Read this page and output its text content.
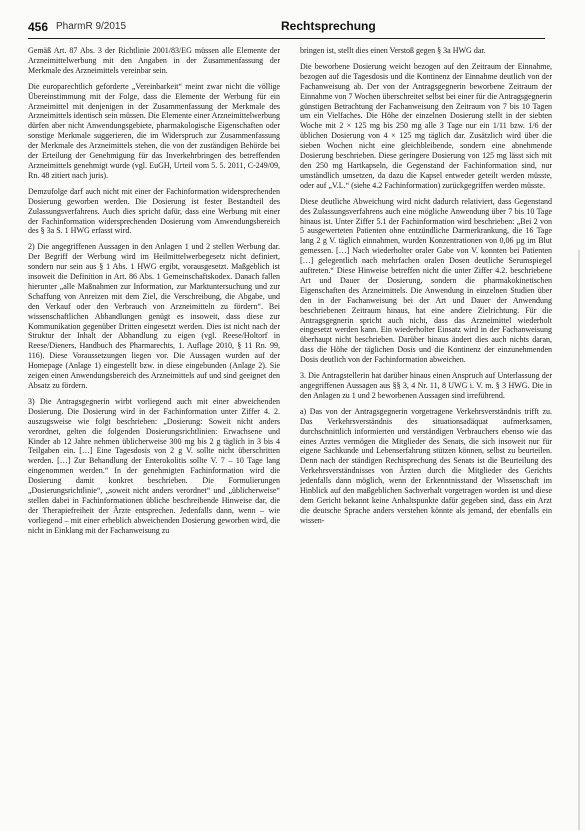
456 PharmR 9/2015	Rechtsprechung

Gemäß Art. 87 Abs. 3 der Richtlinie 2001/83/EG müssen alle Elemente der Arzneimittelwerbung mit den Angaben in der Zusammenfassung der Merkmale des Arzneimittels vereinbar sein.

Die europarechtlich geforderte „Vereinbarkeit“ meint zwar nicht die völlige Übereinstimmung mit der Folge, dass die Elemente der Werbung für ein Arzneimittel mit denjenigen in der Zusammenfassung der Merkmale des Arzneimittels identisch sein müssen. Die Elemente einer Arzneimittelwerbung dürfen aber nicht Anwendungsgebiete, pharmakologische Eigenschaften oder sonstige Merkmale suggerieren, die im Widerspruch zur Zusammenfassung der Merkmale des Arzneimittels stehen, die von der zuständigen Behörde bei der Erteilung der Genehmigung für das Inverkehrbringen des betreffenden Arzneimittels genehmigt wurde (vgl. EuGH, Urteil vom 5. 5. 2011, C-249/09, Rn. 48 zitiert nach juris).

Demzufolge darf auch nicht mit einer der Fachinformation widersprechenden Dosierung geworben werden. Die Dosierung ist fester Bestandteil des Zulassungsverfahrens. Auch dies spricht dafür, dass eine Werbung mit einer der Fachinformation widersprechenden Dosierung vom Anwendungsbereich des § 3a S. 1 HWG erfasst wird.

2) Die angegriffenen Aussagen in den Anlagen 1 und 2 stellen Werbung dar. Der Begriff der Werbung wird im Heilmittelwerbegesetz nicht definiert, sondern nur sein aus § 1 Abs. 1 HWG ergibt, vorausgesetzt. Maßgeblich ist insoweit die Definition in Art. 86 Abs. 1 Gemeinschaftskodex. Danach fallen hierunter „alle Maßnahmen zur Information, zur Marktuntersuchung und zur Schaffung von Anreizen mit dem Ziel, die Verschreibung, die Abgabe, und den Verkauf oder den Verbrauch von Arzneimitteln zu fördern“. Bei wissenschaftlichen Abhandlungen genügt es insoweit, dass diese zur Kommunikation gegenüber Dritten eingesetzt werden. Dies ist nicht nach der Struktur der Inhalt der Abhandlung zu eigen (vgl. Reese/Holtorf in Reese/Dieners, Handbuch des Pharmarechts, 1. Auflage 2010, § 11 Rn. 99, 116). Diese Voraussetzungen liegen vor. Die Aussagen wurden auf der Homepage (Anlage 1) eingestellt bzw. in diese eingebunden (Anlage 2). Sie zeigen einen Anwendungsbereich des Arzneimittels auf und sind geeignet den Absatz zu fördern.

3) Die Antragsgegnerin wirbt vorliegend auch mit einer abweichenden Dosierung. Die Dosierung wird in der Fachinformation unter Ziffer 4. 2. auszugsweise wie folgt beschrieben: „Dosierung: Soweit nicht anders verordnet, gelten die folgenden Dosierungsrichtlinien: Erwachsene und Kinder ab 12 Jahre nehmen üblicherweise 300 mg bis 2 g täglich in 3 bis 4 Teilgaben ein. […] Eine Tagesdosis von 2 g V. sollte nicht überschritten werden. […] Zur Behandlung der Enterokolitis sollte V. 7 – 10 Tage lang eingenommen werden.“ In der genehmigten Fachinformation wird die Dosierung damit konkret beschrieben. Die Formulierungen „Dosierungsrichtlinie“, „soweit nicht anders verordnet“ und „üblicherweise“ stellen dabei in Fachinformationen übliche beschreibende Hinweise dar, die der Therapiefreiheit der Ärzte entsprechen. Jedenfalls dann, wenn – wie vorliegend – mit einer erheblich abweichenden Dosierung geworben wird, die nicht in Einklang mit der Fachanweisung zu

bringen ist, stellt dies einen Verstoß gegen § 3a HWG dar.

Die beworbene Dosierung weicht bezogen auf den Zeitraum der Einnahme, bezogen auf die Tagesdosis und die Kontinenz der Einnahme deutlich von der Fachanweisung ab. Der von der Antragsgegnerin beworbene Zeitraum der Einnahme von 7 Wochen überschreitet selbst bei einer für die Antragsgegnerin günstigen Betrachtung der Fachanweisung den Zeitraum von 7 bis 10 Tagen um ein Vielfaches. Die Höhe der einzelnen Dosierung stellt in der siebten Woche mit 2 × 125 mg bis 250 mg alle 3 Tage nur ein 1/11 bzw. 1/6 der üblichen Dosierung von 4 × 125 mg täglich dar. Zusätzlich wird über die sieben Wochen nicht eine gleichbleibende, sondern eine abnehmende Dosierung beschrieben. Diese geringere Dosierung von 125 mg lässt sich mit den 250 mg Hartkapseln, die Gegenstand der Fachinformation sind, nur umständlich umsetzen, da dazu die Kapsel entweder geteilt werden müsste, oder auf „V.L.“ (siehe 4.2 Fachinformation) zurückgegriffen werden müsste.

Diese deutliche Abweichung wird nicht dadurch relativiert, dass Gegenstand des Zulassungsverfahrens auch eine mögliche Anwendung über 7 bis 10 Tage hinaus ist. Unter Ziffer 5.1 der Fachinformation wird beschrieben: „Bei 2 von 5 ausgewerteten Patienten ohne entzündliche Darmerkrankung, die 16 Tage lang 2 g V. täglich einnahmen, wurden Konzentrationen von 0,06 µg im Blut gemessen. […] Nach wiederholter oraler Gabe von V. konnten bei Patienten […] gelegentlich nach mehrfachen oralen Dosen deutliche Serumspiegel auftreten.“ Diese Hinweise betreffen nicht die unter Ziffer 4.2. beschriebene Art und Dauer der Dosierung, sondern die pharmakokinetischen Eigenschaften des Arzneimittels. Die Anwendung in einzelnen Studien über den in der Fachanweisung bei der Art und Dauer der Anwendung beschriebenen Zeitraum hinaus, hat eine andere Zielrichtung. Für die Antragsgegnerin spricht auch nicht, dass das Arzneimittel wiederholt eingesetzt werden kann. Ein wiederholter Einsatz wird in der Fachanweisung überhaupt nicht beschrieben. Darüber hinaus ändert dies auch nichts daran, dass die Höhe der täglichen Dosis und die Kontinenz der einzunehmenden Dosis deutlich von der Fachinformation abweichen.

3. Die Antragstellerin hat darüber hinaus einen Anspruch auf Unterlassung der angegriffenen Aussagen aus §§ 3, 4 Nr. 11, 8 UWG i. V. m. § 3 HWG. Die in den Anlagen zu 1 und 2 beworbenen Aussagen sind irreführend.

a) Das von der Antragsgegnerin vorgetragene Verkehrsverständnis trifft zu. Das Verkehrsverständnis des situationsadäquat aufmerksamen, durchschnittlich informierten und verständigen Verbrauchers ebenso wie das eines Arztes vermögen die Mitglieder des Senats, die sich insoweit nur für eigene Sachkunde und Lebenserfahrung stützen können, selbst zu beurteilen. Denn nach der ständigen Rechtsprechung des Senats ist die Beurteilung des Verkehrsverständnisses von Ärzten durch die Mitglieder des Gerichts jedenfalls dann möglich, wenn der Erkenntnisstand der Wissenschaft im Hinblick auf den maßgeblichen Sachverhalt vorgetragen worden ist und diese dem Gericht bekannt keine Anhaltspunkte dafür gegeben sind, dass ein Arzt die deutsche Sprache anders verstehen könnte als jemand, der ebenfalls ein wissen-
